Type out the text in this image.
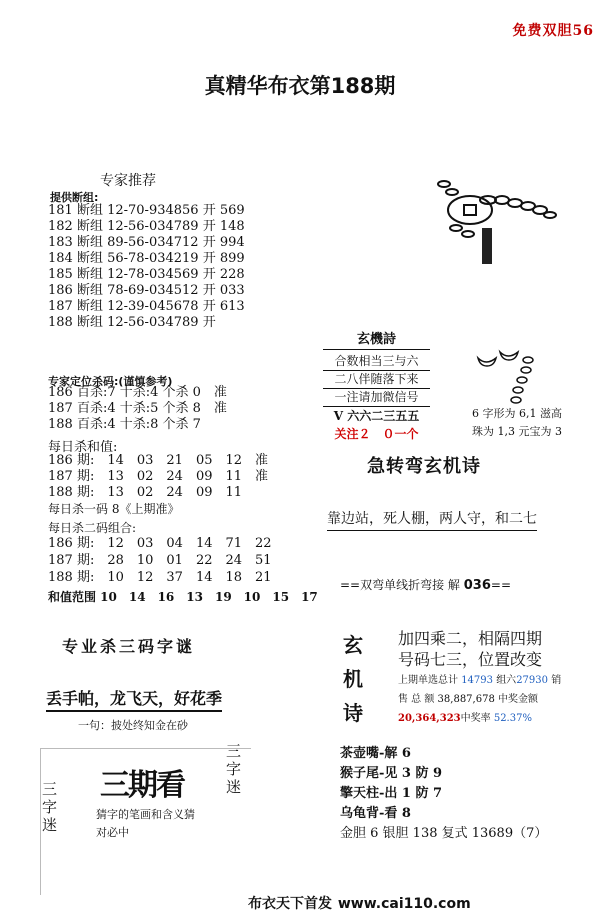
免费双胆56
真精华布衣第188期
专家推荐
提供断组:
181 断组 12-70-934856 开 569
182 断组 12-56-034789 开 148
183 断组 89-56-034712 开 994
184 断组 56-78-034219 开 899
185 断组 12-78-034569 开 228
186 断组 78-69-034512 开 033
187 断组 12-39-045678 开 613
188 断组 12-56-034789 开
专家定位杀码:(谨慎参考)
186 百杀:7 十杀:4 个杀 0　准
187 百杀:4 十杀:5 个杀 8　准
188 百杀:4 十杀:8 个杀 7
每日杀和值:
186 期:　14　03　21　05　12　准
187 期:　13　02　24　09　11　准
188 期:　13　02　24　09　11
每日杀一码 8《上期准》
每日杀二码组合:
186 期:　12　03　04　14　71　22
187 期:　28　10　01　22　24　51
188 期:　10　12　37　14　18　21
和值范围 10　14　16　13　19　10　15　17
专业杀三码字谜
丢手帕，龙飞天，好花季
一句：披处终知金在砂
三字迷
三字迷
三期看
猜字的笔画和含义猜
对必中
玄機詩
合数相当三与六
二八伴随落下来
一注请加微信号
V 六六二三五五
关注２　０一个
6 字形为 6,1 滋高
珠为 1,3 元宝为 3
急转弯玄机诗
靠边站，死人棚，两人守，和二七
==双弯单线折弯接 解 036==
玄
机
诗
加四乘二，相隔四期
号码七三，位置改变
上期单选总计 14793 组六27930 销
售 总 额 38,887,678 中奖金额
20,364,323中奖率 52.37%
茶壶嘴-解 6
猴子尾-见 3 防 9
擎天柱-出 1 防 7
乌龟背-看 8
金胆 6 银胆 138 复式 13689（7）
布衣天下首发 www.cai110.com
